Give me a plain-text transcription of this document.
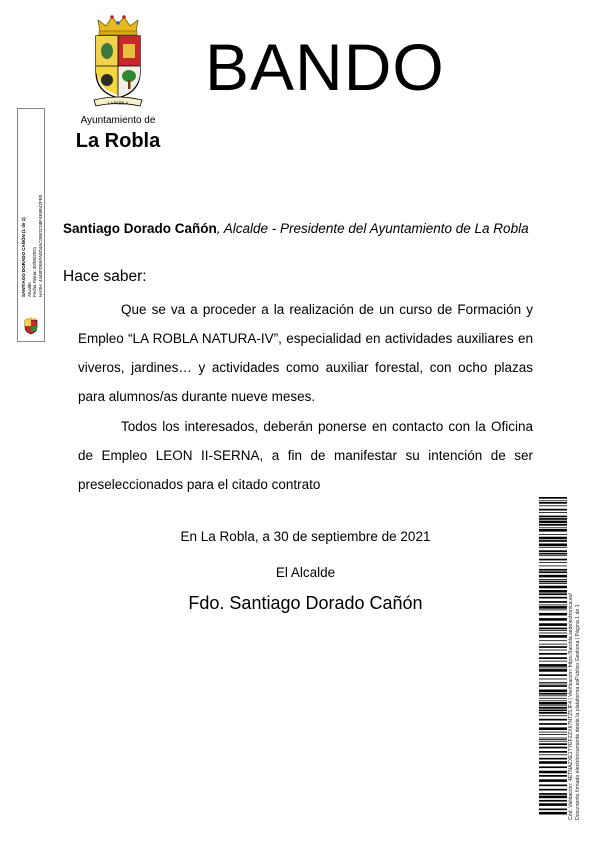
LA ROBLA
Ayuntamiento de
La Robla
BANDO
SANTIAGO DORADO CAÑÓN (1 de 1) Alcalde Fecha Firma: 30/09/2021 HASH: 4448FDE6FA0D4AC09E2C08F4E8E42FE0 Santiago Dorado Cañón, Alcalde - Presidente del Ayuntamiento de La Robla
Hace saber:
Que se va a proceder a la realización de un curso de Formación y Empleo “LA ROBLA NATURA-IV”, especialidad en actividades auxiliares en viveros, jardines… y actividades como auxiliar forestal, con ocho plazas para alumnos/as durante nueve meses.
Todos los interesados, deberán ponerse en contacto con la Oficina de Empleo LEON II-SERNA, a fin de manifestar su intención de ser preseleccionados para el citado contrato
En La Robla, a 30 de septiembre de 2021
El Alcalde
Fdo. Santiago Dorado Cañón	Cód. Validación: 4ETNAZXE1TYEFZZX67NTZ5JF4 | Verificación: https://larobla.sedelectronica.es/ Documento firmado electrónicamente desde la plataforma esPublico Gestiona | Página 1 de 1
